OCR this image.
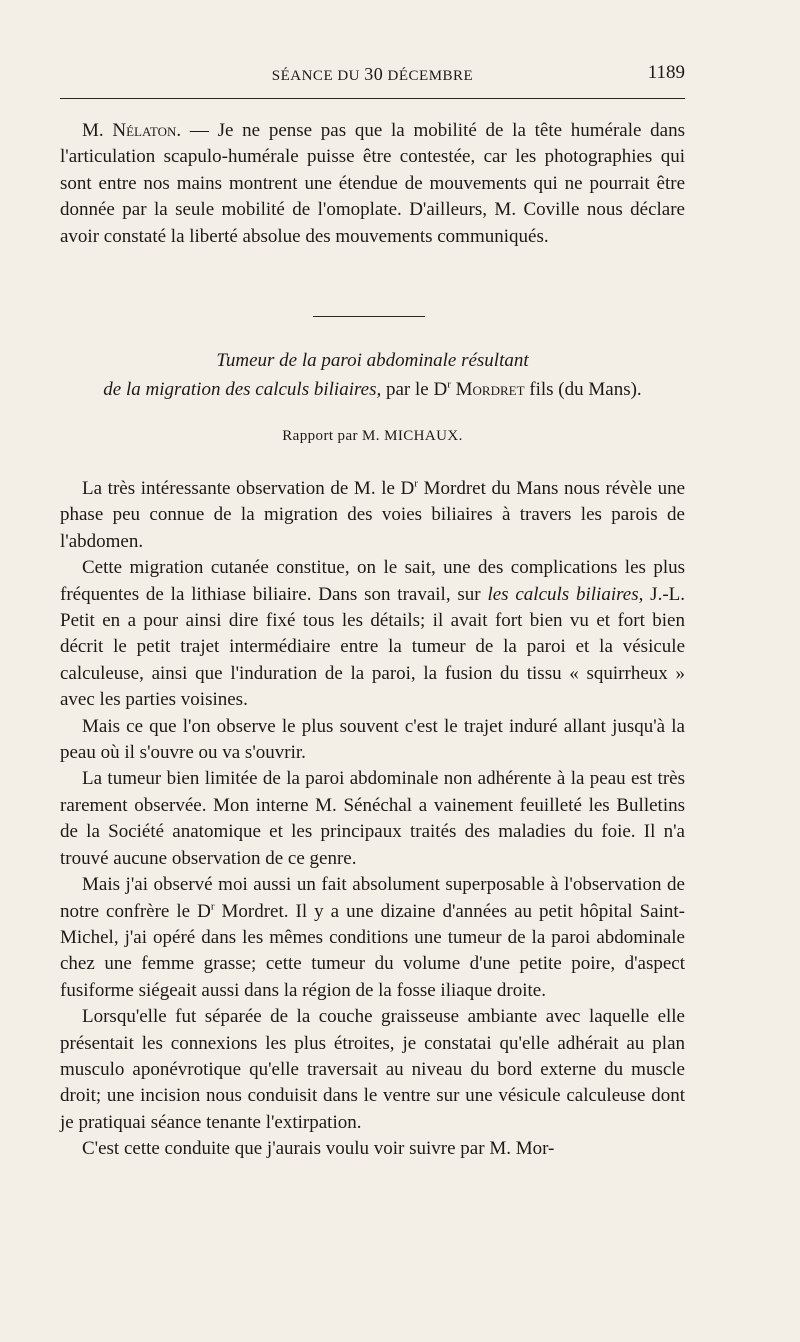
SÉANCE DU 30 DÉCEMBRE	1189

M. Nélaton. — Je ne pense pas que la mobilité de la tête humérale dans l'articulation scapulo-humérale puisse être contestée, car les photographies qui sont entre nos mains montrent une étendue de mouvements qui ne pourrait être donnée par la seule mobilité de l'omoplate. D'ailleurs, M. Coville nous déclare avoir constaté la liberté absolue des mouvements communiqués.

Tumeur de la paroi abdominale résultant
de la migration des calculs biliaires, par le $D^r$ Mordret fils (du Mans).
Rapport par M. MICHAUX.

La très intéressante observation de M. le $D^r$ Mordret du Mans nous révèle une phase peu connue de la migration des voies biliaires à travers les parois de l'abdomen.

Cette migration cutanée constitue, on le sait, une des complications les plus fréquentes de la lithiase biliaire. Dans son travail, sur les calculs biliaires, J.-L. Petit en a pour ainsi dire fixé tous les détails; il avait fort bien vu et fort bien décrit le petit trajet intermédiaire entre la tumeur de la paroi et la vésicule calculeuse, ainsi que l'induration de la paroi, la fusion du tissu « squirrheux » avec les parties voisines.

Mais ce que l'on observe le plus souvent c'est le trajet induré allant jusqu'à la peau où il s'ouvre ou va s'ouvrir.

La tumeur bien limitée de la paroi abdominale non adhérente à la peau est très rarement observée. Mon interne M. Sénéchal a vainement feuilleté les Bulletins de la Société anatomique et les principaux traités des maladies du foie. Il n'a trouvé aucune observation de ce genre.

Mais j'ai observé moi aussi un fait absolument superposable à l'observation de notre confrère le $D^r$ Mordret. Il y a une dizaine d'années au petit hôpital Saint-Michel, j'ai opéré dans les mêmes conditions une tumeur de la paroi abdominale chez une femme grasse; cette tumeur du volume d'une petite poire, d'aspect fusiforme siégeait aussi dans la région de la fosse iliaque droite.

Lorsqu'elle fut séparée de la couche graisseuse ambiante avec laquelle elle présentait les connexions les plus étroites, je constatai qu'elle adhérait au plan musculo aponévrotique qu'elle traversait au niveau du bord externe du muscle droit; une incision nous conduisit dans le ventre sur une vésicule calculeuse dont je pratiquai séance tenante l'extirpation.

C'est cette conduite que j'aurais voulu voir suivre par M. Mor-
